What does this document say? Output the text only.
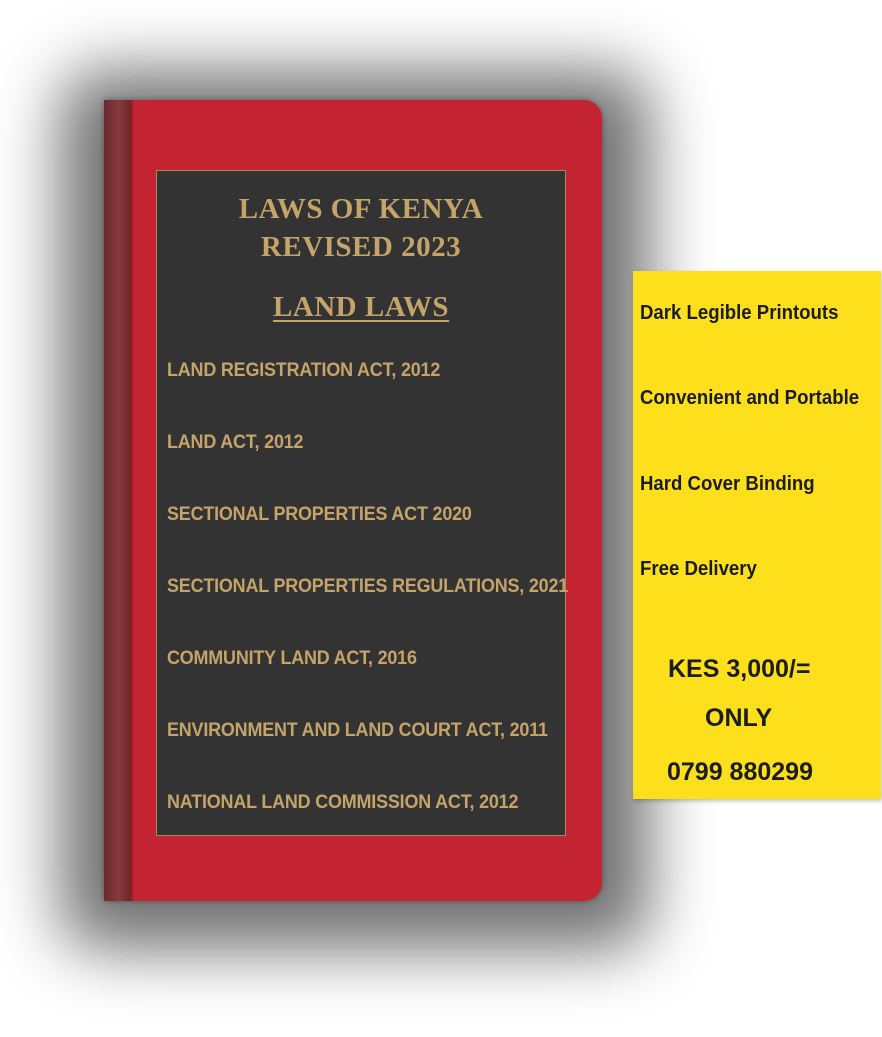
LAWS OF KENYA
REVISED 2023
LAND LAWS
LAND REGISTRATION ACT, 2012
LAND ACT, 2012
SECTIONAL PROPERTIES ACT 2020
SECTIONAL PROPERTIES REGULATIONS, 2021
COMMUNITY LAND ACT, 2016
ENVIRONMENT AND LAND COURT ACT, 2011
NATIONAL LAND COMMISSION ACT, 2012
Dark Legible Printouts
Convenient and Portable
Hard Cover Binding
Free Delivery
KES 3,000/=
ONLY
0799 880299
